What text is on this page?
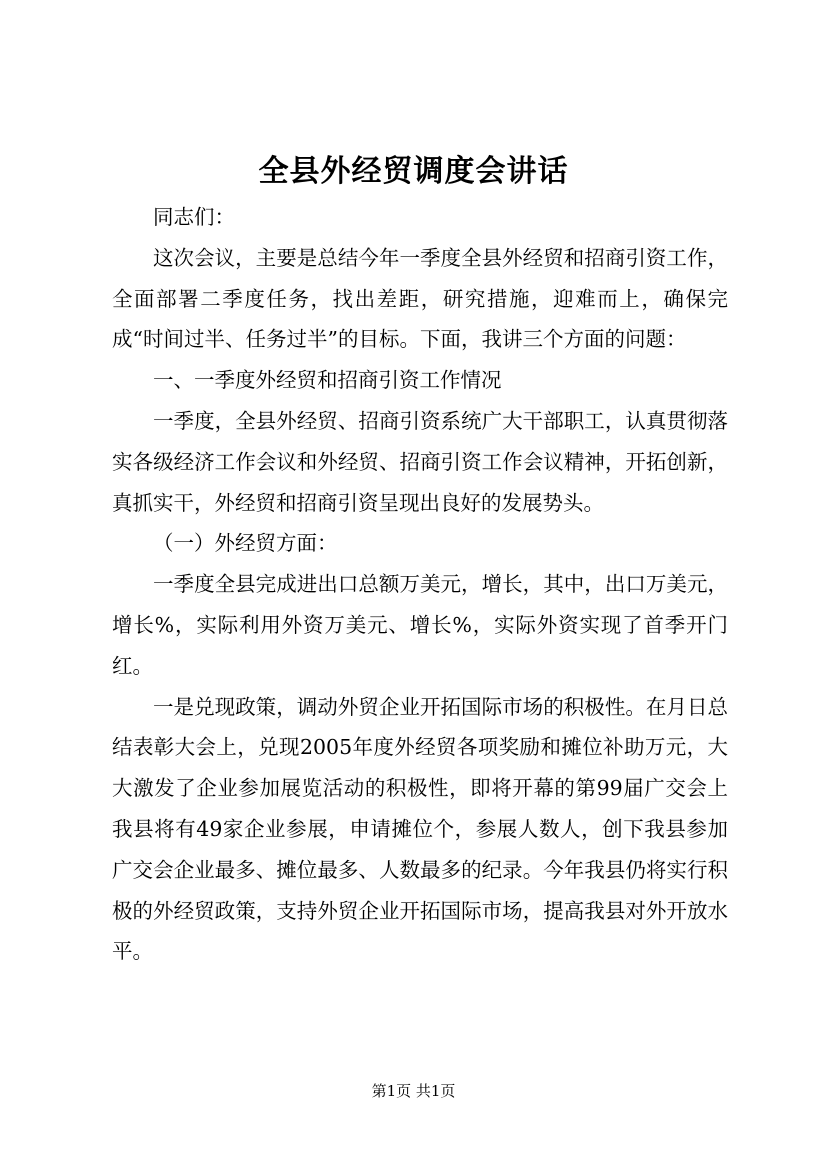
全县外经贸调度会讲话

同志们：

这次会议，主要是总结今年一季度全县外经贸和招商引资工作，全面部署二季度任务，找出差距，研究措施，迎难而上，确保完成“时间过半、任务过半”的目标。下面，我讲三个方面的问题：

一、一季度外经贸和招商引资工作情况

一季度，全县外经贸、招商引资系统广大干部职工，认真贯彻落实各级经济工作会议和外经贸、招商引资工作会议精神，开拓创新，真抓实干，外经贸和招商引资呈现出良好的发展势头。

（一）外经贸方面：

一季度全县完成进出口总额万美元，增长，其中，出口万美元，增长%，实际利用外资万美元、增长%，实际外资实现了首季开门红。

一是兑现政策，调动外贸企业开拓国际市场的积极性。在月日总结表彰大会上，兑现2005年度外经贸各项奖励和摊位补助万元，大大激发了企业参加展览活动的积极性，即将开幕的第99届广交会上我县将有49家企业参展，申请摊位个，参展人数人，创下我县参加广交会企业最多、摊位最多、人数最多的纪录。今年我县仍将实行积极的外经贸政策，支持外贸企业开拓国际市场，提高我县对外开放水平。

第1页 共1页
